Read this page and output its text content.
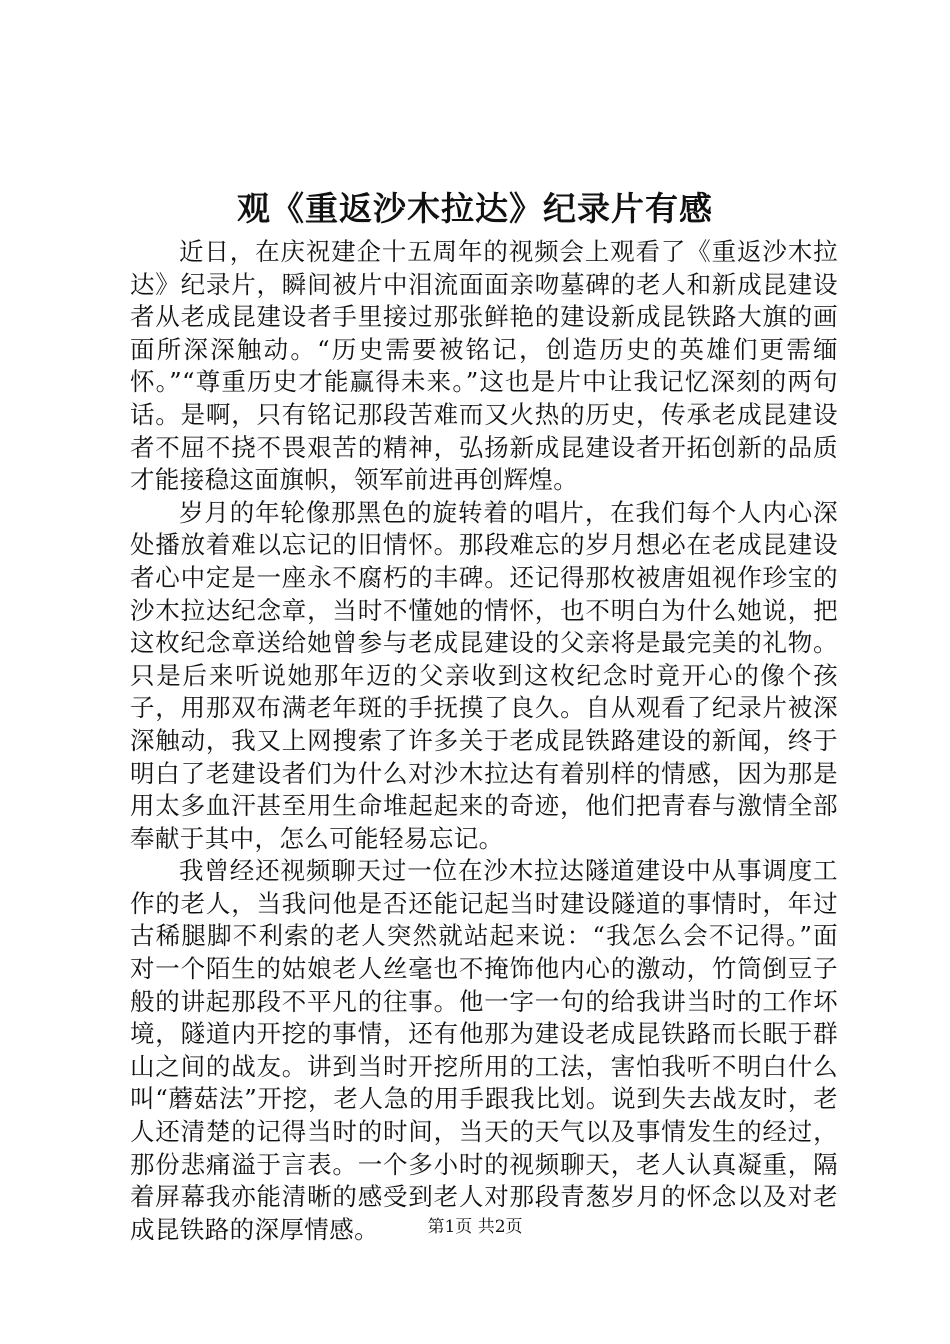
观《重返沙木拉达》纪录片有感

近日，在庆祝建企十五周年的视频会上观看了《重返沙木拉达》纪录片，瞬间被片中泪流面面亲吻墓碑的老人和新成昆建设者从老成昆建设者手里接过那张鲜艳的建设新成昆铁路大旗的画面所深深触动。“历史需要被铭记，创造历史的英雄们更需缅怀。”“尊重历史才能赢得未来。”这也是片中让我记忆深刻的两句话。是啊，只有铭记那段苦难而又火热的历史，传承老成昆建设者不屈不挠不畏艰苦的精神，弘扬新成昆建设者开拓创新的品质才能接稳这面旗帜，领军前进再创辉煌。

岁月的年轮像那黑色的旋转着的唱片，在我们每个人内心深处播放着难以忘记的旧情怀。那段难忘的岁月想必在老成昆建设者心中定是一座永不腐朽的丰碑。还记得那枚被唐姐视作珍宝的沙木拉达纪念章，当时不懂她的情怀，也不明白为什么她说，把这枚纪念章送给她曾参与老成昆建设的父亲将是最完美的礼物。只是后来听说她那年迈的父亲收到这枚纪念时竟开心的像个孩子，用那双布满老年斑的手抚摸了良久。自从观看了纪录片被深深触动，我又上网搜索了许多关于老成昆铁路建设的新闻，终于明白了老建设者们为什么对沙木拉达有着别样的情感，因为那是用太多血汗甚至用生命堆起起来的奇迹，他们把青春与激情全部奉献于其中，怎么可能轻易忘记。

我曾经还视频聊天过一位在沙木拉达隧道建设中从事调度工作的老人，当我问他是否还能记起当时建设隧道的事情时，年过古稀腿脚不利索的老人突然就站起来说：“我怎么会不记得。”面对一个陌生的姑娘老人丝毫也不掩饰他内心的激动，竹筒倒豆子般的讲起那段不平凡的往事。他一字一句的给我讲当时的工作坏境，隧道内开挖的事情，还有他那为建设老成昆铁路而长眠于群山之间的战友。讲到当时开挖所用的工法，害怕我听不明白什么叫“蘑菇法”开挖，老人急的用手跟我比划。说到失去战友时，老人还清楚的记得当时的时间，当天的天气以及事情发生的经过，那份悲痛溢于言表。一个多小时的视频聊天，老人认真凝重，隔着屏幕我亦能清晰的感受到老人对那段青葱岁月的怀念以及对老成昆铁路的深厚情感。	第1页 共2页
